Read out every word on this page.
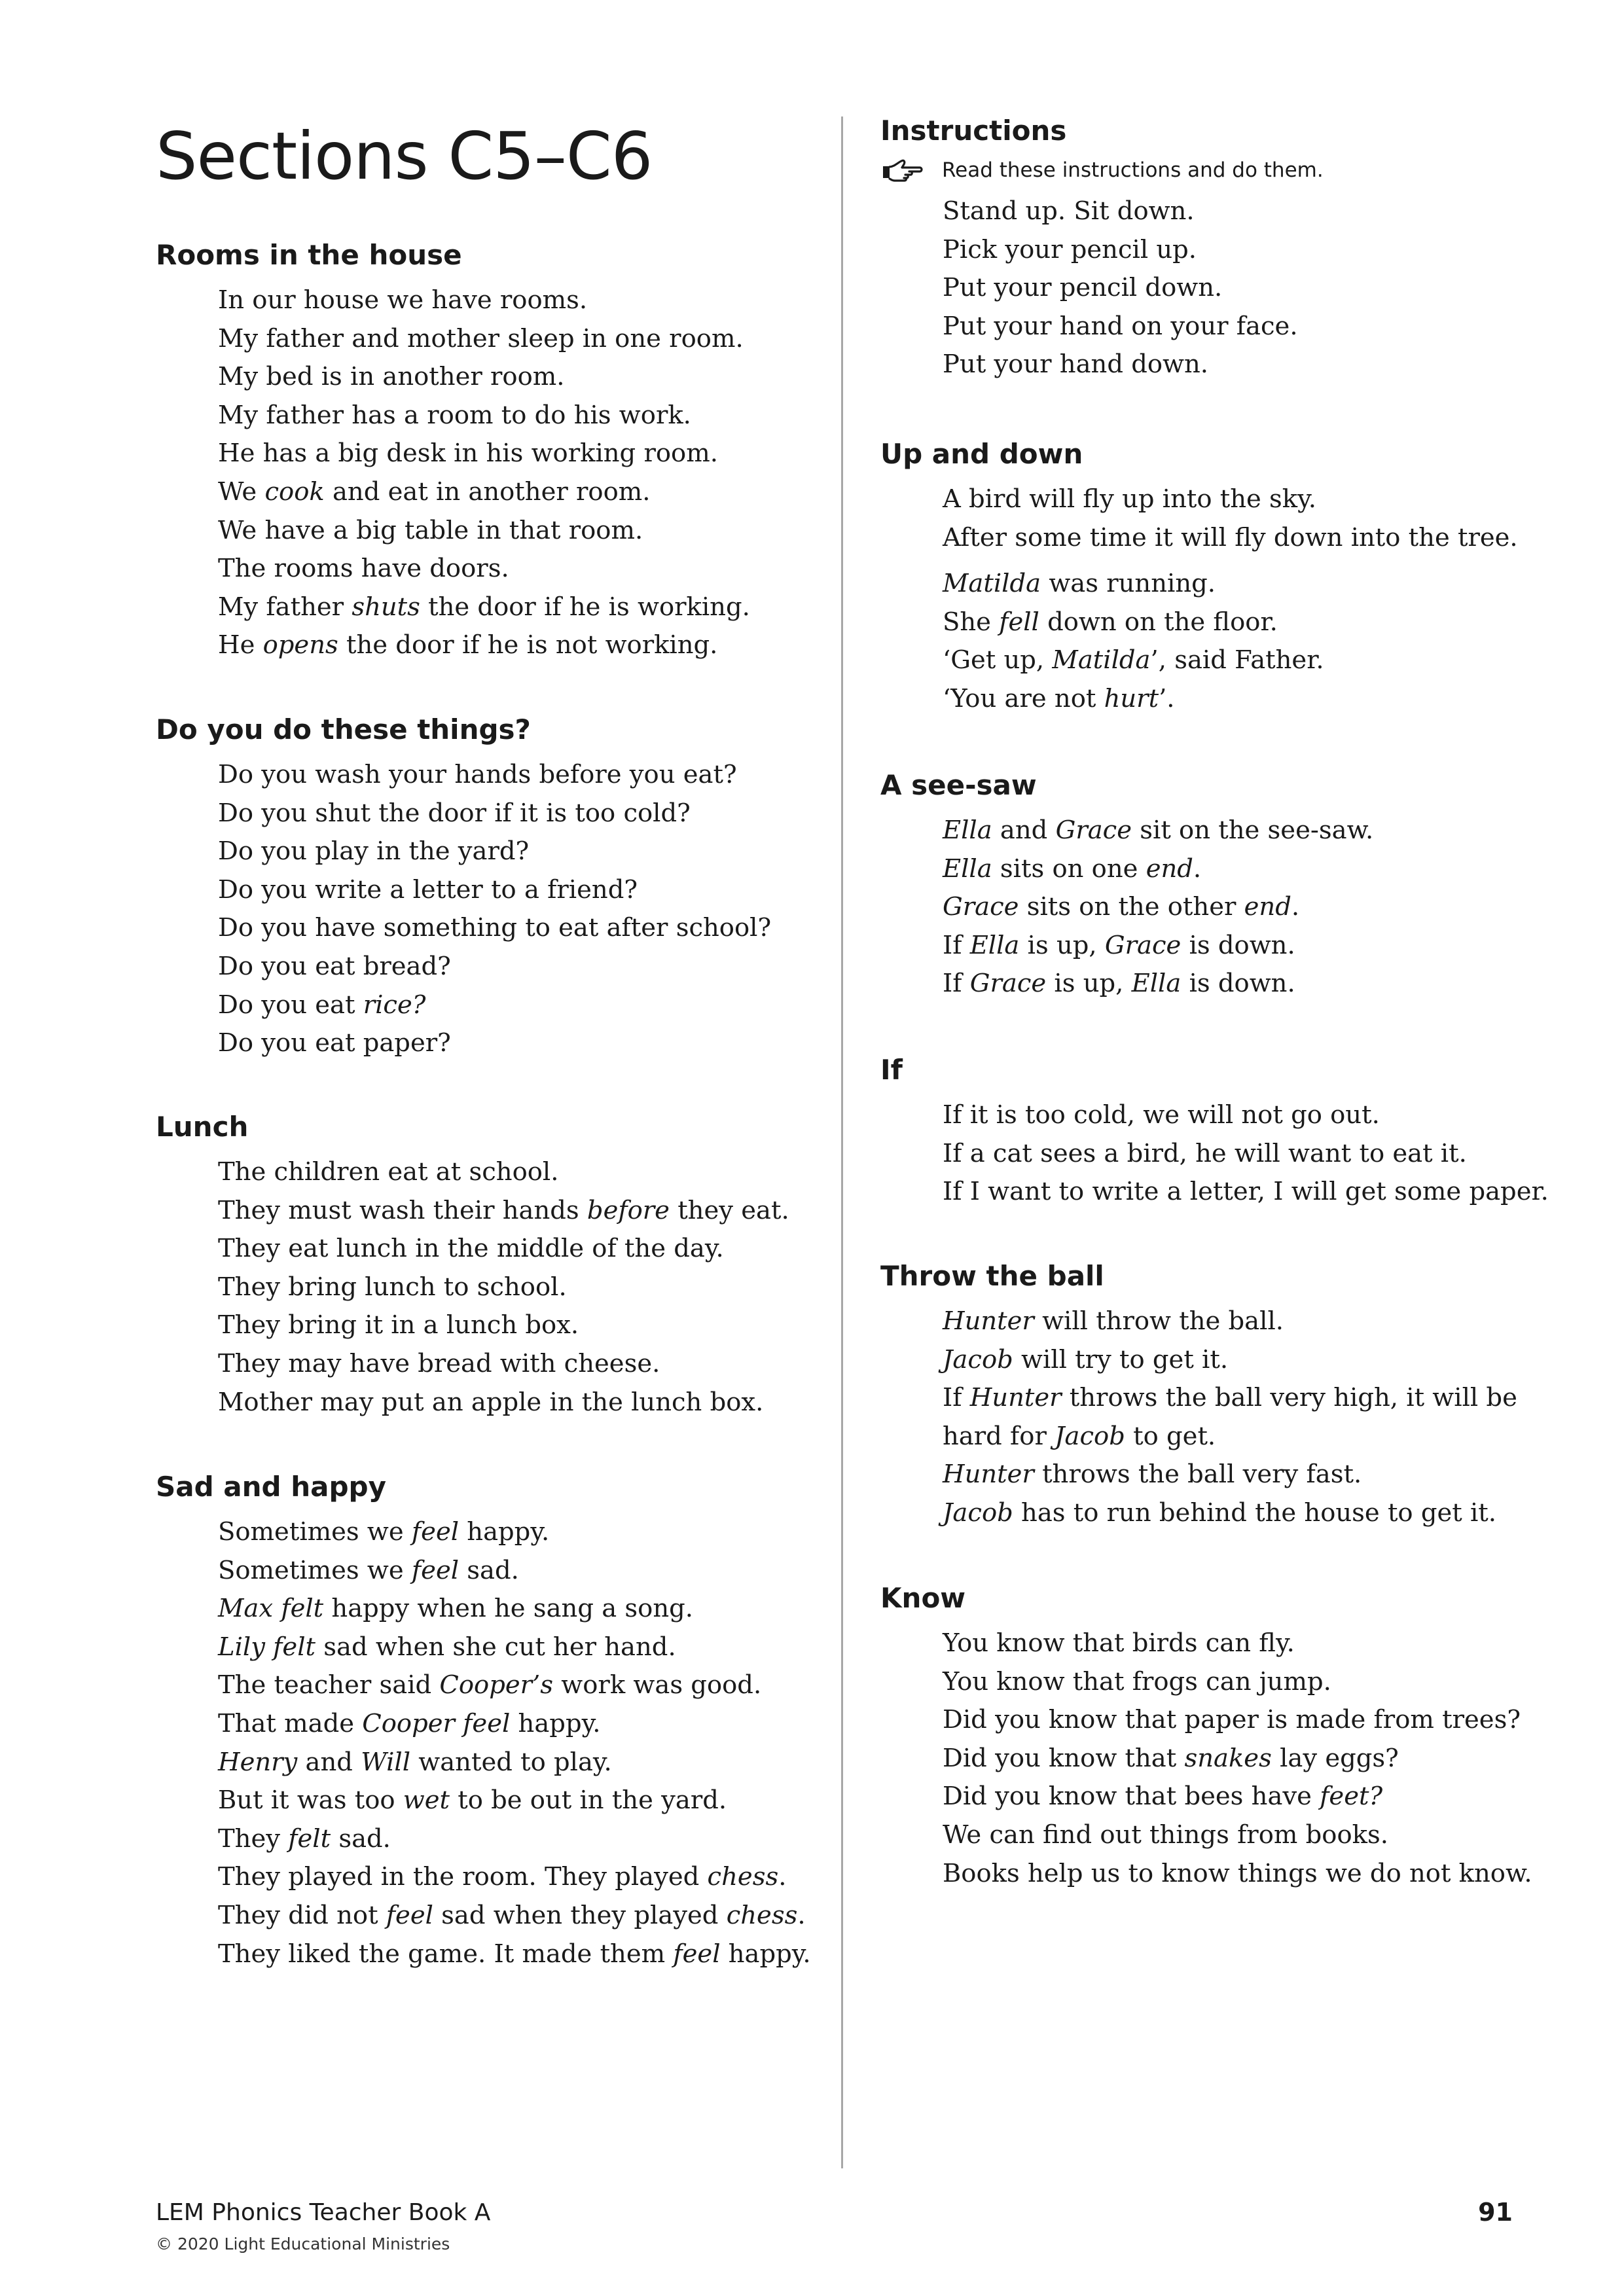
Sections C5–C6
Rooms in the house
In our house we have rooms.
My father and mother sleep in one room.
My bed is in another room.
My father has a room to do his work.
He has a big desk in his working room.
We cook and eat in another room.
We have a big table in that room.
The rooms have doors.
My father shuts the door if he is working.
He opens the door if he is not working.
Do you do these things?
Do you wash your hands before you eat?
Do you shut the door if it is too cold?
Do you play in the yard?
Do you write a letter to a friend?
Do you have something to eat after school?
Do you eat bread?
Do you eat rice?
Do you eat paper?
Lunch
The children eat at school.
They must wash their hands before they eat.
They eat lunch in the middle of the day.
They bring lunch to school.
They bring it in a lunch box.
They may have bread with cheese.
Mother may put an apple in the lunch box.
Sad and happy
Sometimes we feel happy.
Sometimes we feel sad.
Max felt happy when he sang a song.
Lily felt sad when she cut her hand.
The teacher said Cooper’s work was good.
That made Cooper feel happy.
Henry and Will wanted to play.
But it was too wet to be out in the yard.
They felt sad.
They played in the room. They played chess.
They did not feel sad when they played chess.
They liked the game. It made them feel happy.
Instructions
Read these instructions and do them.
Stand up. Sit down.
Pick your pencil up.
Put your pencil down.
Put your hand on your face.
Put your hand down.
Up and down
A bird will fly up into the sky.
After some time it will fly down into the tree.
Matilda was running.
She fell down on the floor.
‘Get up, Matilda’, said Father.
‘You are not hurt’.
A see-saw
Ella and Grace sit on the see-saw.
Ella sits on one end.
Grace sits on the other end.
If Ella is up, Grace is down.
If Grace is up, Ella is down.
If
If it is too cold, we will not go out.
If a cat sees a bird, he will want to eat it.
If I want to write a letter, I will get some paper.
Throw the ball
Hunter will throw the ball.
Jacob will try to get it.
If Hunter throws the ball very high, it will be
hard for Jacob to get.
Hunter throws the ball very fast.
Jacob has to run behind the house to get it.
Know
You know that birds can fly.
You know that frogs can jump.
Did you know that paper is made from trees?
Did you know that snakes lay eggs?
Did you know that bees have feet?
We can find out things from books.
Books help us to know things we do not know.

LEM Phonics Teacher Book A

© 2020 Light Educational Ministries

91
